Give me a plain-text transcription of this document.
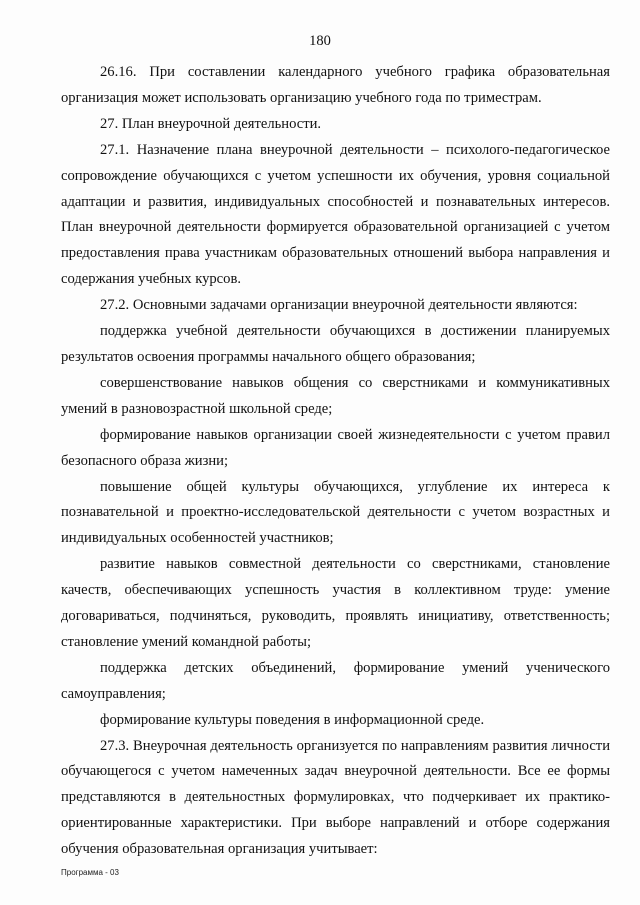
180

26.16. При составлении календарного учебного графика образовательная организация может использовать организацию учебного года по триместрам.

27. План внеурочной деятельности.

27.1. Назначение плана внеурочной деятельности – психолого-педагогическое сопровождение обучающихся с учетом успешности их обучения, уровня социальной адаптации и развития, индивидуальных способностей и познавательных интересов. План внеурочной деятельности формируется образовательной организацией с учетом предоставления права участникам образовательных отношений выбора направления и содержания учебных курсов.

27.2. Основными задачами организации внеурочной деятельности являются:

поддержка учебной деятельности обучающихся в достижении планируемых результатов освоения программы начального общего образования;

совершенствование навыков общения со сверстниками и коммуникативных умений в разновозрастной школьной среде;

формирование навыков организации своей жизнедеятельности с учетом правил безопасного образа жизни;

повышение общей культуры обучающихся, углубление их интереса к познавательной и проектно-исследовательской деятельности с учетом возрастных и индивидуальных особенностей участников;

развитие навыков совместной деятельности со сверстниками, становление качеств, обеспечивающих успешность участия в коллективном труде: умение договариваться, подчиняться, руководить, проявлять инициативу, ответственность; становление умений командной работы;

поддержка детских объединений, формирование умений ученического самоуправления;

формирование культуры поведения в информационной среде.

27.3. Внеурочная деятельность организуется по направлениям развития личности обучающегося с учетом намеченных задач внеурочной деятельности. Все ее формы представляются в деятельностных формулировках, что подчеркивает их практико-ориентированные характеристики. При выборе направлений и отборе содержания обучения образовательная организация учитывает:

Программа - 03
